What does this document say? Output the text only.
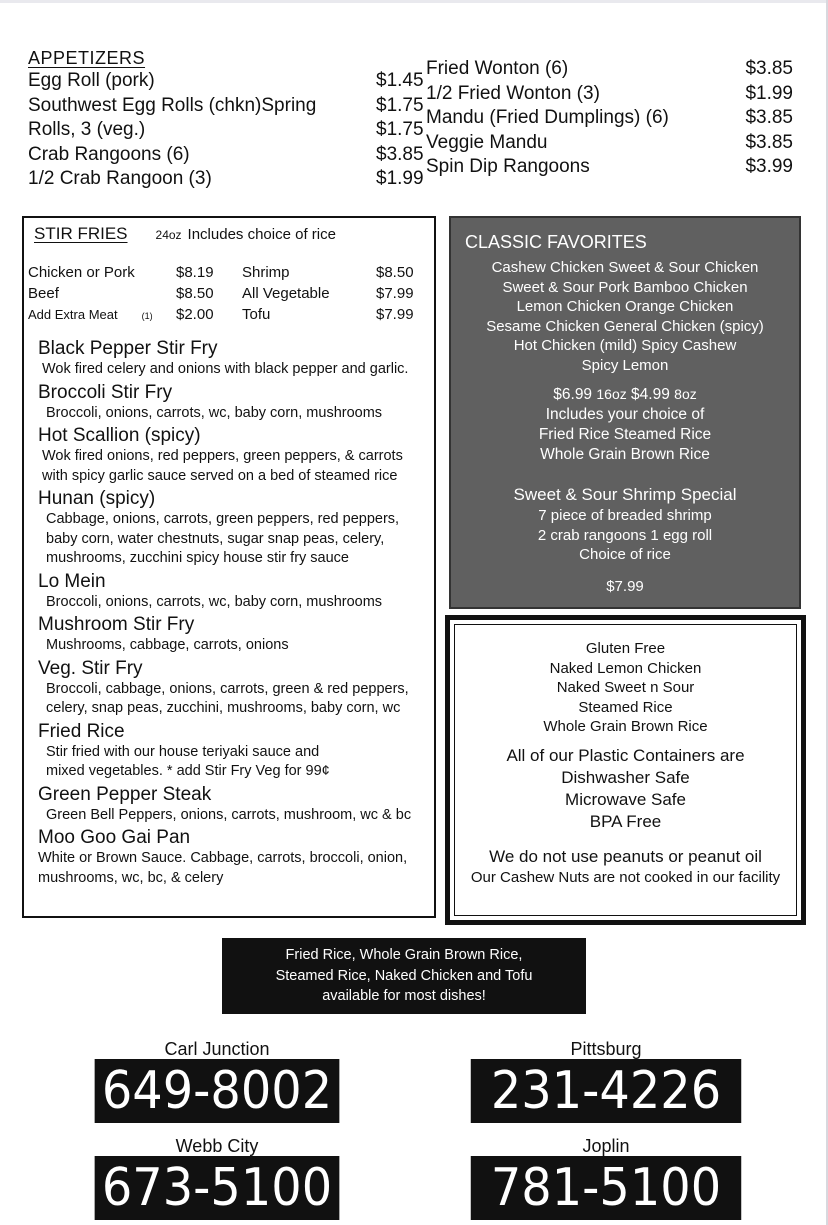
APPETIZERS
Egg Roll (pork)	$1.45
Southwest Egg Rolls (chkn)Spring	$1.75
Rolls, 3 (veg.)	$1.75
Crab Rangoons (6)	$3.85
1/2 Crab Rangoon (3)	$1.99
Fried Wonton (6)	$3.85
1/2 Fried Wonton (3)	$1.99
Mandu (Fried Dumplings) (6)	$3.85
Veggie Mandu	$3.85
Spin Dip Rangoons	$3.99
STIR FRIES	24oz Includes choice of rice
Chicken or Pork	$8.19	Shrimp	$8.50
Beef	$8.50	All Vegetable	$7.99
Add Extra Meat	(1)	$2.00	Tofu	$7.99
Black Pepper Stir Fry
Wok fired celery and onions with black pepper and garlic.
Broccoli Stir Fry
Broccoli, onions, carrots, wc, baby corn, mushrooms
Hot Scallion (spicy)
Wok fired onions, red peppers, green peppers, & carrots
with spicy garlic sauce served on a bed of steamed rice
Hunan (spicy)
Cabbage, onions, carrots, green peppers, red peppers,
baby corn, water chestnuts, sugar snap peas, celery,
mushrooms, zucchini spicy house stir fry sauce
Lo Mein
Broccoli, onions, carrots, wc, baby corn, mushrooms
Mushroom Stir Fry
Mushrooms, cabbage, carrots, onions
Veg. Stir Fry
Broccoli, cabbage, onions, carrots, green & red peppers,
celery, snap peas, zucchini, mushrooms, baby corn, wc
Fried Rice
Stir fried with our house teriyaki sauce and
mixed vegetables. * add Stir Fry Veg for 99¢
Green Pepper Steak
Green Bell Peppers, onions, carrots, mushroom, wc & bc
Moo Goo Gai Pan
White or Brown Sauce. Cabbage, carrots, broccoli, onion,
mushrooms, wc, bc, & celery
CLASSIC FAVORITES
Cashew Chicken Sweet & Sour Chicken
Sweet & Sour Pork Bamboo Chicken
Lemon Chicken Orange Chicken
Sesame Chicken General Chicken (spicy)
Hot Chicken (mild) Spicy Cashew
Spicy Lemon
$6.99 16oz $4.99 8oz
Includes your choice of
Fried Rice Steamed Rice
Whole Grain Brown Rice
Sweet & Sour Shrimp Special
7 piece of breaded shrimp
2 crab rangoons 1 egg roll
Choice of rice
$7.99
Gluten Free
Naked Lemon Chicken
Naked Sweet n Sour
Steamed Rice
Whole Grain Brown Rice
All of our Plastic Containers are
Dishwasher Safe
Microwave Safe
BPA Free
We do not use peanuts or peanut oil
Our Cashew Nuts are not cooked in our facility
Fried Rice, Whole Grain Brown Rice,
Steamed Rice, Naked Chicken and Tofu
available for most dishes!
Carl Junction
649-8002
Pittsburg
231-4226
Webb City
673-5100
Joplin
781-5100
